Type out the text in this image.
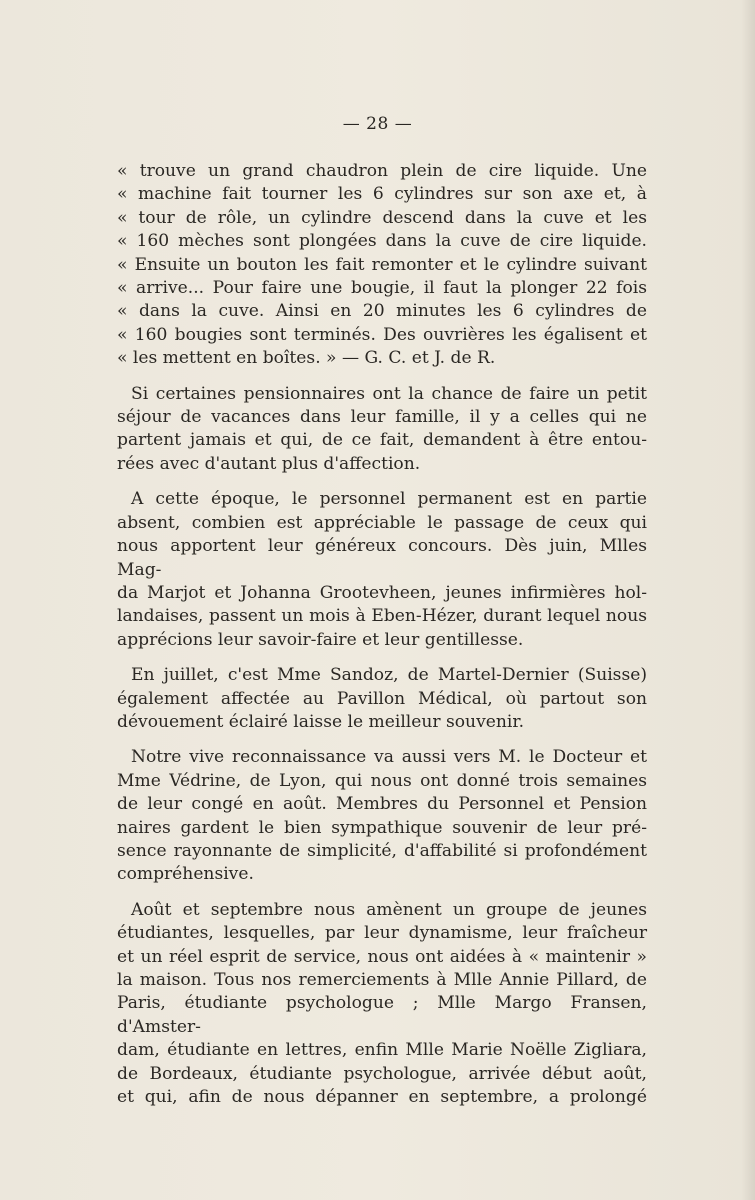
— 28 —

« trouve un grand chaudron plein de cire liquide. Une
« machine fait tourner les 6 cylindres sur son axe et, à
« tour de rôle, un cylindre descend dans la cuve et les
« 160 mèches sont plongées dans la cuve de cire liquide.
« Ensuite un bouton les fait remonter et le cylindre suivant
« arrive... Pour faire une bougie, il faut la plonger 22 fois
« dans la cuve. Ainsi en 20 minutes les 6 cylindres de
« 160 bougies sont terminés. Des ouvrières les égalisent et
« les mettent en boîtes. » — G. C. et J. de R.

Si certaines pensionnaires ont la chance de faire un petit
séjour de vacances dans leur famille, il y a celles qui ne
partent jamais et qui, de ce fait, demandent à être entou-
rées avec d'autant plus d'affection.

A cette époque, le personnel permanent est en partie
absent, combien est appréciable le passage de ceux qui
nous apportent leur généreux concours. Dès juin, Mlles Mag-
da Marjot et Johanna Grootevheen, jeunes infirmières hol-
landaises, passent un mois à Eben-Hézer, durant lequel nous
apprécions leur savoir-faire et leur gentillesse.

En juillet, c'est Mme Sandoz, de Martel-Dernier (Suisse)
également affectée au Pavillon Médical, où partout son
dévouement éclairé laisse le meilleur souvenir.

Notre vive reconnaissance va aussi vers M. le Docteur et
Mme Védrine, de Lyon, qui nous ont donné trois semaines
de leur congé en août. Membres du Personnel et Pension
naires gardent le bien sympathique souvenir de leur pré-
sence rayonnante de simplicité, d'affabilité si profondément
compréhensive.

Août et septembre nous amènent un groupe de jeunes
étudiantes, lesquelles, par leur dynamisme, leur fraîcheur
et un réel esprit de service, nous ont aidées à « maintenir »
la maison. Tous nos remerciements à Mlle Annie Pillard, de
Paris, étudiante psychologue ; Mlle Margo Fransen, d'Amster-
dam, étudiante en lettres, enfin Mlle Marie Noëlle Zigliara,
de Bordeaux, étudiante psychologue, arrivée début août,
et qui, afin de nous dépanner en septembre, a prolongé
